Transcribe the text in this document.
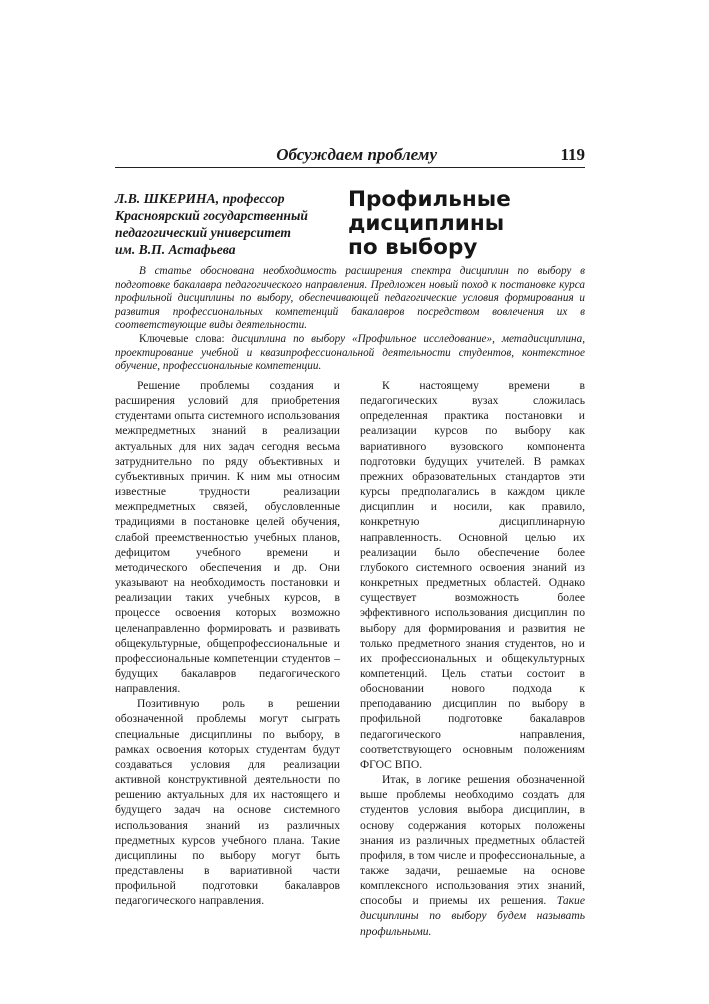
Обсуждаем проблему	119
Л.В. ШКЕРИНА, профессор
Красноярский государственный
педагогический университет
им. В.П. Астафьева
Профильные
дисциплины
по выбору

В статье обоснована необходимость расширения спектра дисциплин по выбору в подготовке бакалавра педагогического направления. Предложен новый поход к постановке курса профильной дисциплины по выбору, обеспечивающей педагогические условия формирования и развития профессиональных компетенций бакалавров посредством вовлечения их в соответствующие виды деятельности.

Ключевые слова: дисциплина по выбору «Профильное исследование», метадисциплина, проектирование учебной и квазипрофессиональной деятельности студентов, контекстное обучение, профессиональные компетенции.

Решение проблемы создания и расширения условий для приобретения студентами опыта системного использования межпредметных знаний в реализации актуальных для них задач сегодня весьма затруднительно по ряду объективных и субъективных причин. К ним мы относим известные трудности реализации межпредметных связей, обусловленные традициями в постановке целей обучения, слабой преемственностью учебных планов, дефицитом учебного времени и методического обеспечения и др. Они указывают на необходимость постановки и реализации таких учебных курсов, в процессе освоения которых возможно целенаправленно формировать и развивать общекультурные, общепрофессиональные и профессиональные компетенции студентов – будущих бакалавров педагогического направления.

Позитивную роль в решении обозначенной проблемы могут сыграть специальные дисциплины по выбору, в рамках освоения которых студентам будут создаваться условия для реализации активной конструктивной деятельности по решению актуальных для их настоящего и будущего задач на основе системного использования знаний из различных предметных курсов учебного плана. Такие дисциплины по выбору могут быть представлены в вариативной части профильной подготовки бакалавров педагогического направления.

К настоящему времени в педагогических вузах сложилась определенная практика постановки и реализации курсов по выбору как вариативного вузовского компонента подготовки будущих учителей. В рамках прежних образовательных стандартов эти курсы предполагались в каждом цикле дисциплин и носили, как правило, конкретную дисциплинарную направленность. Основной целью их реализации было обеспечение более глубокого системного освоения знаний из конкретных предметных областей. Однако существует возможность более эффективного использования дисциплин по выбору для формирования и развития не только предметного знания студентов, но и их профессиональных и общекультурных компетенций. Цель статьи состоит в обосновании нового подхода к преподаванию дисциплин по выбору в профильной подготовке бакалавров педагогического направления, соответствующего основным положениям ФГОС ВПО.

Итак, в логике решения обозначенной выше проблемы необходимо создать для студентов условия выбора дисциплин, в основу содержания которых положены знания из различных предметных областей профиля, в том числе и профессиональные, а также задачи, решаемые на основе комплексного использования этих знаний, способы и приемы их решения. Такие дисциплины по выбору будем называть профильными.
